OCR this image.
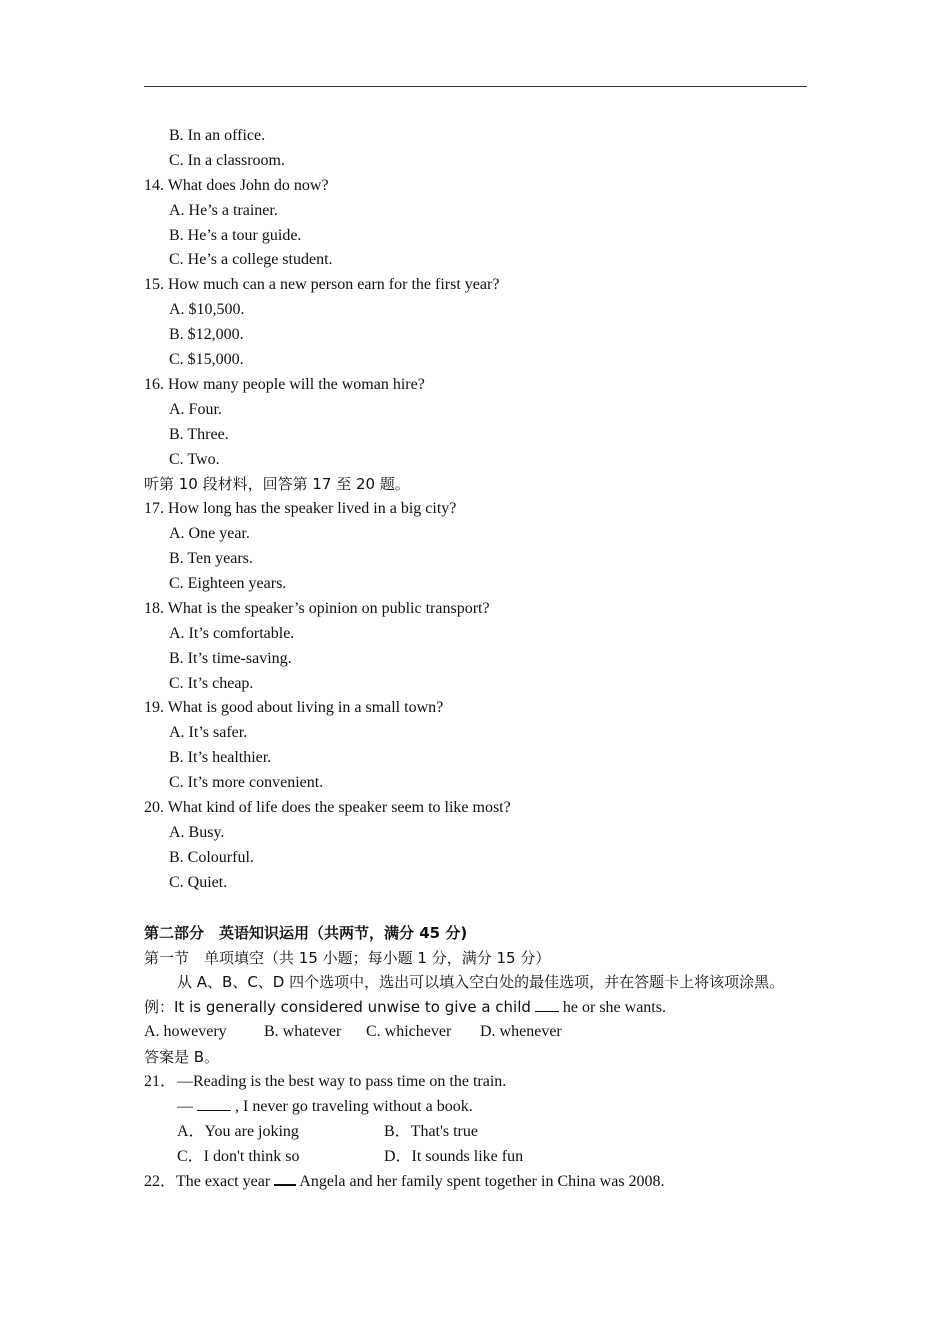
B. In an office.
C. In a classroom.
14. What does John do now?
A. He’s a trainer.
B. He’s a tour guide.
C. He’s a college student.
15. How much can a new person earn for the first year?
A. $10,500.
B. $12,000.
C. $15,000.
16. How many people will the woman hire?
A. Four.
B. Three.
C. Two.
听第 10 段材料，回答第 17 至 20 题。
17. How long has the speaker lived in a big city?
A. One year.
B. Ten years.
C. Eighteen years.
18. What is the speaker’s opinion on public transport?
A. It’s comfortable.
B. It’s time-saving.
C. It’s cheap.
19. What is good about living in a small town?
A. It’s safer.
B. It’s healthier.
C. It’s more convenient.
20. What kind of life does the speaker seem to like most?
A. Busy.
B. Colourful.
C. Quiet.
第二部分　英语知识运用（共两节，满分 45 分)
第一节　单项填空（共 15 小题；每小题 1 分，满分 15 分）
从 A、B、C、D 四个选项中，选出可以填入空白处的最佳选项，并在答题卡上将该项涂黑。
例：It is generally considered unwise to give a child he or she wants.
A. howevery B. whatever C. whichever D. whenever
答案是 B。
21．—Reading is the best way to pass time on the train.
—	, I never go traveling without a book.
A．You are joking	B．That's true
C．I don't think so	D．It sounds like fun
22．The exact year Angela and her family spent together in China was 2008.
